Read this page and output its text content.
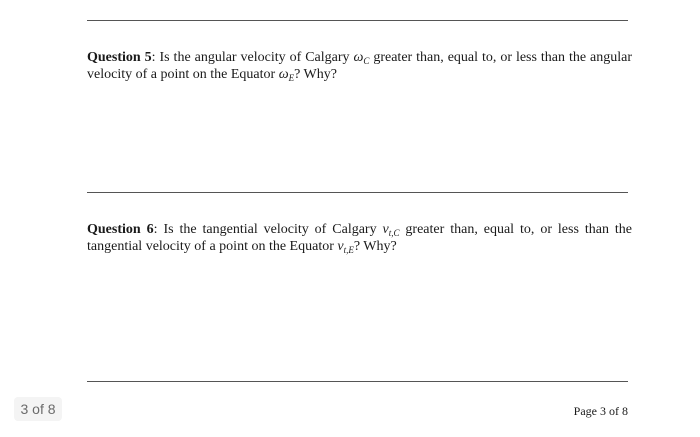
3 of 8
Question 5: Is the angular velocity of Calgary $\omega_C$ greater than, equal to, or less than the angular velocity of a point on the Equator $\omega_E$? Why?
Question 6: Is the tangential velocity of Calgary $v_{t,C}$ greater than, equal to, or less than the tangential velocity of a point on the Equator $v_{t,E}$? Why?
Page 3 of 8
